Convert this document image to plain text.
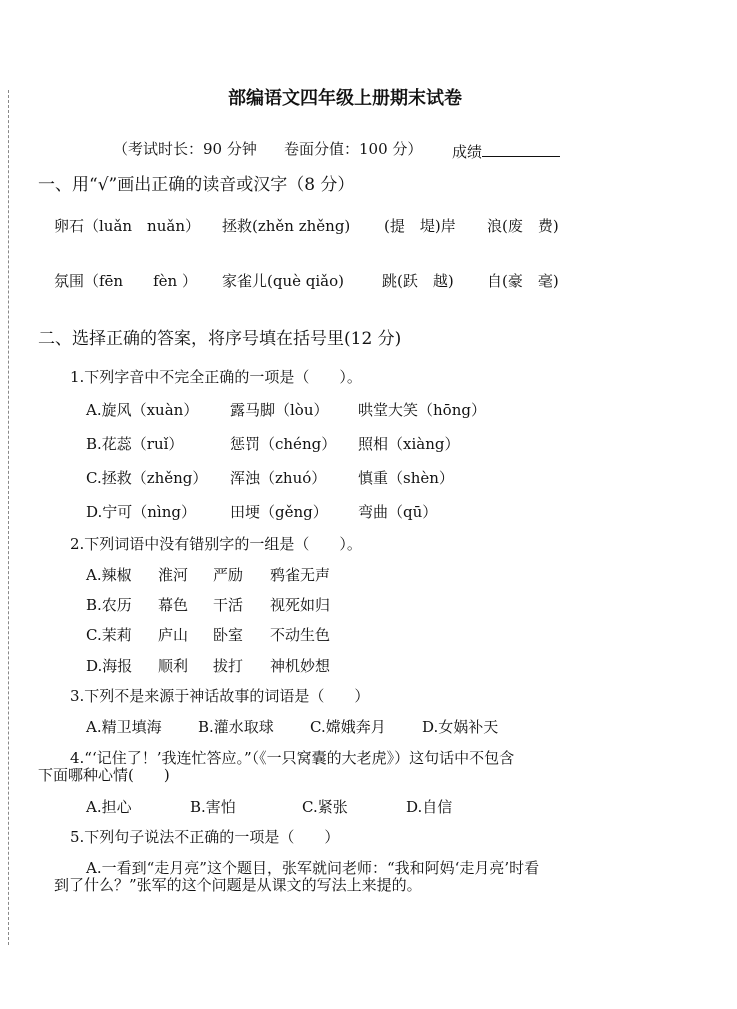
部编语文四年级上册期末试卷
（考试时长：90 分钟 卷面分值：100 分） 成绩
一、用“√”画出正确的读音或汉字（8 分）
卵石（luǎn　nuǎn） 拯救(zhěn zhěng) (提　堤)岸 浪(废　费)
氛围（fēn　　fèn ） 家雀儿(què qiǎo)	跳(跃　越) 自(豪　毫)
二、选择正确的答案，将序号填在括号里(12 分)
1.下列字音中不完全正确的一项是（　　）。
A.旋风（xuàn） 露马脚（lòu） 哄堂大笑（hōng）
B.花蕊（ruǐ）	惩罚（chéng） 照相（xiàng）
C.拯救（zhěng） 浑浊（zhuó） 慎重（shèn）
D.宁可（nìng） 田埂（gěng） 弯曲（qū）
2.下列词语中没有错别字的一组是（　　）。
A.辣椒 淮河 严励 鸦雀无声
B.农历 幕色 干活 视死如归
C.茉莉 庐山 卧室 不动生色
D.海报 顺利 拔打 神机妙想
3.下列不是来源于神话故事的词语是（　　）
A.精卫填海 B.灌水取球 C.嫦娥奔月 D.女娲补天
4.“‘记住了！’我连忙答应。”（《一只窝囊的大老虎》）这句话中不包含
下面哪种心情(　　)
A.担心	B.害怕	C.紧张	D.自信
5.下列句子说法不正确的一项是（　　）
A.一看到“走月亮”这个题目，张军就问老师：“我和阿妈‘走月亮’时看
到了什么？”张军的这个问题是从课文的写法上来提的。
